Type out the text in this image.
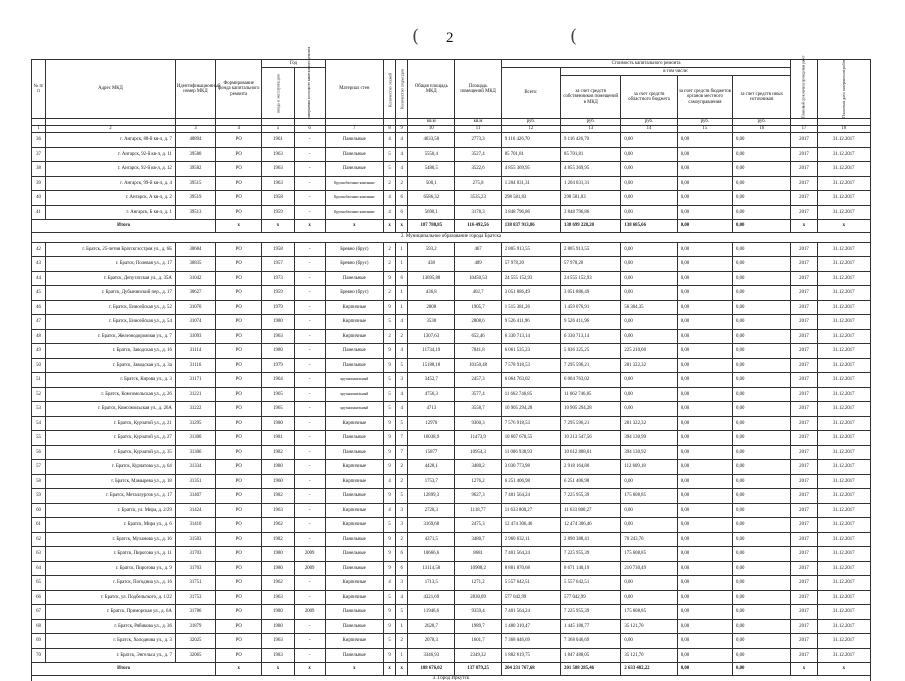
( 2	(
№ п/п	Адрес МКД	Идентификационный номер МКД	Формирование фонда капитального ремонта	Год		Материал стен	Количество этажей	Количество подъездов	Общая площадь МКД	Площадь помещений МКД	Стоимость капитального ремонта					Плановый срок начала проведения работ	Плановая дата завершения работ
				ввода в эксплуатацию	завершения последнего капитального ремонта						Всего:	в том числе:					
												за счет средств собственников помещений в МКД	за счет средств областного бюджета	за счет средств бюджетов органов местного самоуправления	за счет средств иных источников		
									кв.м	кв.м	руб.	руб.	руб.	руб.	руб.		
1	2	3	4	5	6	7	8	9	10	11	12	13	14	15	16	17	18
36	г. Ангарск, 88-й кв-л, д. 7	40894	РО	1961	-	Панельные	4	4	4633,58	2773,3	9 116 426,70	9 116 426,70	0,00	0,00	0,00	2017	31.12.2017
37	г. Ангарск, 92-й кв-л, д. 11	39580	РО	1963	-	Панельные	5	4	5550,4	3527,4	85 701,81	85 701,81	0,00	0,00	0,00	2017	31.12.2017
38	г. Ангарск, 92-й кв-л, д. 12	39582	РО	1963	-	Панельные	5	4	5480,5	3522,6	4 855 369,95	4 855 369,95	0,00	0,00	0,00	2017	31.12.2017
39	г. Ангарск, 99-й кв-л, д. 4	39515	РО	1963	-	Крупноблочные каменные	2	2	500,1	275,8	1 204 031,31	1 204 031,31	0,00	0,00	0,00	2017	31.12.2017
40	г. Ангарск, А кв-л, д. 2	39519	РО	1958	-	Крупноблочные каменные	4	6	6586,32	3535,23	298 581,83	298 581,83	0,00	0,00	0,00	2017	31.12.2017
41	г. Ангарск, Б кв-л, д. 1	39513	РО	1959	-	Крупноблочные каменные	4	6	5690,1	3178,3	3 848 796,86	3 848 796,86	0,00	0,00	0,00	2017	31.12.2017
Итого			х	х	х	х	х	х	187 780,85	116 492,56	138 837 913,86	138 699 228,20	138 685,66	0,00	0,00	х	х
2. Муниципальное образование города Братска																	
42	г. Братск, 25-летия Братскгэсстроя ул., д. 6Б	30684	РО	1958	-	Бревно (брус)	2	1	593,2	467	2 805 913,55	2 805 913,55	0,00	0,00	0,00	2017	31.12.2017
43	г. Братск, Полевая ул., д. 17	30835	РО	1957	-	Бревно (брус)	2	1	438	409	57 978,20	57 978,20	0,00	0,00	0,00	2017	31.12.2017
44	г. Братск, Депутатская ул., д. 35А	31042	РО	1973	-	Панельные	9	6	13695,88	10450,53	24 555 152,93	24 555 152,93	0,00	0,00	0,00	2017	31.12.2017
45	г. Братск, Дубынинский пер., д. 17	30627	РО	1959	-	Бревно (брус)	2	1	436,8	402,7	3 051 886,49	3 051 886,49	0,00	0,00	0,00	2017	31.12.2017
46	г. Братск, Енисейская ул., д. 52	31070	РО	1979	-	Кирпичные	9	1	2808	1905,7	1 515 381,26	1 459 076,91	56 304,35	0,00	0,00	2017	31.12.2017
47	г. Братск, Енисейская ул., д. 54	31074	РО	1980	-	Кирпичные	5	4	3538	2808,6	9 526 411,96	9 526 411,96	0,00	0,00	0,00	2017	31.12.2017
48	г. Братск, Железнодорожная ул., д. 7	31093	РО	1963	-	Кирпичные	2	2	1307,63	652,46	6 330 713,14	6 330 713,14	0,00	0,00	0,00	2017	31.12.2017
49	г. Братск, Заводская ул., д. 16	31114	РО	1980	-	Панельные	9	4	11734,19	7841,8	6 061 535,23	5 836 325,25	225 210,00	0,00	0,00	2017	31.12.2017
50	г. Братск, Заводская ул., д. 3а	31116	РО	1979	-	Панельные	9	5	15188,18	10150,48	7 578 918,53	7 295 596,21	281 322,32	0,00	0,00	2017	31.12.2017
51	г. Братск, Кирова ул., д. 3	31171	РО	1964	-	крупнопанельный	5	3	3452,7	2457,3	6 064 763,02	6 064 763,02	0,00	0,00	0,00	2017	31.12.2017
52	г. Братск, Комсомольская ул., д. 26	31221	РО	1965	-	крупнопанельный	5	4	4756,3	3577,4	11 662 746,85	11 662 746,85	0,00	0,00	0,00	2017	31.12.2017
53	г. Братск, Комсомольская ул., д. 26А	31222	РО	1965	-	крупнопанельный	5	4	4713	3558,7	10 905 294,28	10 905 294,28	0,00	0,00	0,00	2017	31.12.2017
54	г. Братск, Курчатой ул., д. 21	31295	РО	1980	-	Кирпичные	9	5	12970	9360,3	7 576 918,53	7 295 596,21	281 322,32	0,00	0,00	2017	31.12.2017
55	г. Братск, Курчатой ул., д. 27	31300	РО	1981	-	Панельные	9	7	16038,9	11473,9	10 607 678,55	10 213 547,56	394 130,99	0,00	0,00	2017	31.12.2017
56	г. Братск, Курчатой ул., д. 35	31306	РО	1982	-	Панельные	9	7	15877	10954,3	11 006 938,93	10 612 808,01	394 130,92	0,00	0,00	2017	31.12.2017
57	г. Братск, Курчатова ул., д. 64	31334	РО	1980	-	Кирпичные	9	2	4428,1	3480,2	3 030 773,98	2 918 164,80	112 609,18	0,00	0,00	2017	31.12.2017
58	г. Братск, Мамырева ул., д. 18	31351	РО	1960	-	Кирпичные	4	2	1753,7	1276,2	6 251 406,98	6 251 406,98	0,00	0,00	0,00	2017	31.12.2017
59	г. Братск, Металлургов ул., д. 17	31407	РО	1982	-	Панельные	9	5	12899,3	9627,3	7 401 564,24	7 225 955,39	175 608,85	0,00	0,00	2017	31.12.2017
60	г. Братск, ул. Мира, д. 2/29	31424	РО	1963	-	Кирпичные	4	3	2720,3	1118,77	11 633 800,27	11 633 800,27	0,00	0,00	0,00	2017	31.12.2017
61	г. Братск, Мира ул., д. 6	31410	РО	1962	-	Кирпичные	5	3	3169,68	2475,3	12 474 306,46	12 474 306,46	0,00	0,00	0,00	2017	31.12.2017
62	г. Братск, Муханова ул., д. 16	31503	РО	1982	-	Панельные	9	2	4371,5	3480,7	2 960 632,11	2 890 388,41	70 243,70	0,00	0,00	2017	31.12.2017
63	г. Братск, Пирогова ул., д. 11	31703	РО	1980	2009	Панельные	9	6	10666,6	8681	7 401 564,24	7 225 955,39	175 608,85	0,00	0,00	2017	31.12.2017
64	г. Братск, Пирогова ул., д. 9	31703	РО	1980	2009	Панельные	9	6	13114,58	10908,2	8 881 870,68	8 671 140,19	210 730,49	0,00	0,00	2017	31.12.2017
65	г. Братск, Погодина ул., д. 16	31751	РО	1962	-	Кирпичные	4	3	1713,5	1271,2	5 557 642,51	5 557 642,51	0,00	0,00	0,00	2017	31.12.2017
66	г. Братск, ул. Подбельского, д. 1/22	31753	РО	1963	-	Кирпичные	5	4	4321,69	2830,09	577 042,99	577 042,99	0,00	0,00	0,00	2017	31.12.2017
67	г. Братск, Приморская ул., д. 6А	31786	РО	1980	2009	Панельные	9	5	11946,6	9359,4	7 401 564,24	7 225 955,39	175 608,85	0,00	0,00	2017	31.12.2017
68	г. Братск, Рябикова ул., д. 36	31879	РО	1980	-	Панельные	9	1	2628,7	1989,7	1 480 310,47	1 445 188,77	35 121,70	0,00	0,00	2017	31.12.2017
69	г. Братск, Холоднова ул., д. 3	32025	РО	1963	-	Кирпичные	5	2	2078,3	1601,7	7 368 046,69	7 368 046,69	0,00	0,00	0,00	2017	31.12.2017
70	г. Братск, Энгельса ул., д. 7	32065	РО	1983	-	Панельные	9	1	3346,93	2349,32	1 882 619,75	1 847 488,05	35 121,70	0,00	0,00	2017	31.12.2017
Итого			х	х	х	х	х	х	188 676,02	137 879,25	204 231 767,68	201 588 285,46	2 633 482,22	0,00	0,00	х	х
3. Город Иркутск																	
